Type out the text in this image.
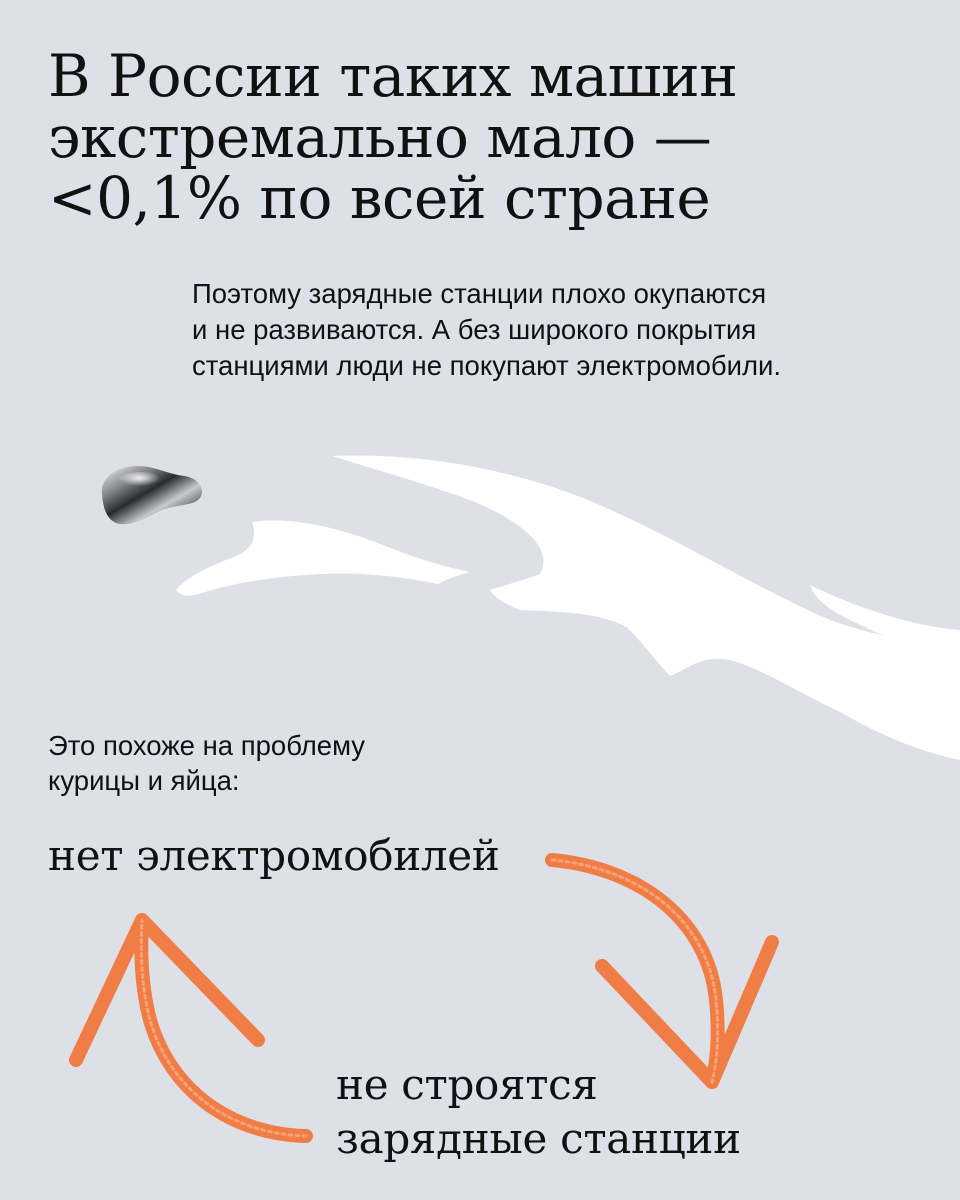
В России таких машин
экстремально мало —
<0,1% по всей стране

Поэтому зарядные станции плохо окупаются
и не развиваются. А без широкого покрытия
станциями люди не покупают электромобили.

Это похоже на проблему
курицы и яйца:

нет электромобилей

не строятся
зарядные станции
